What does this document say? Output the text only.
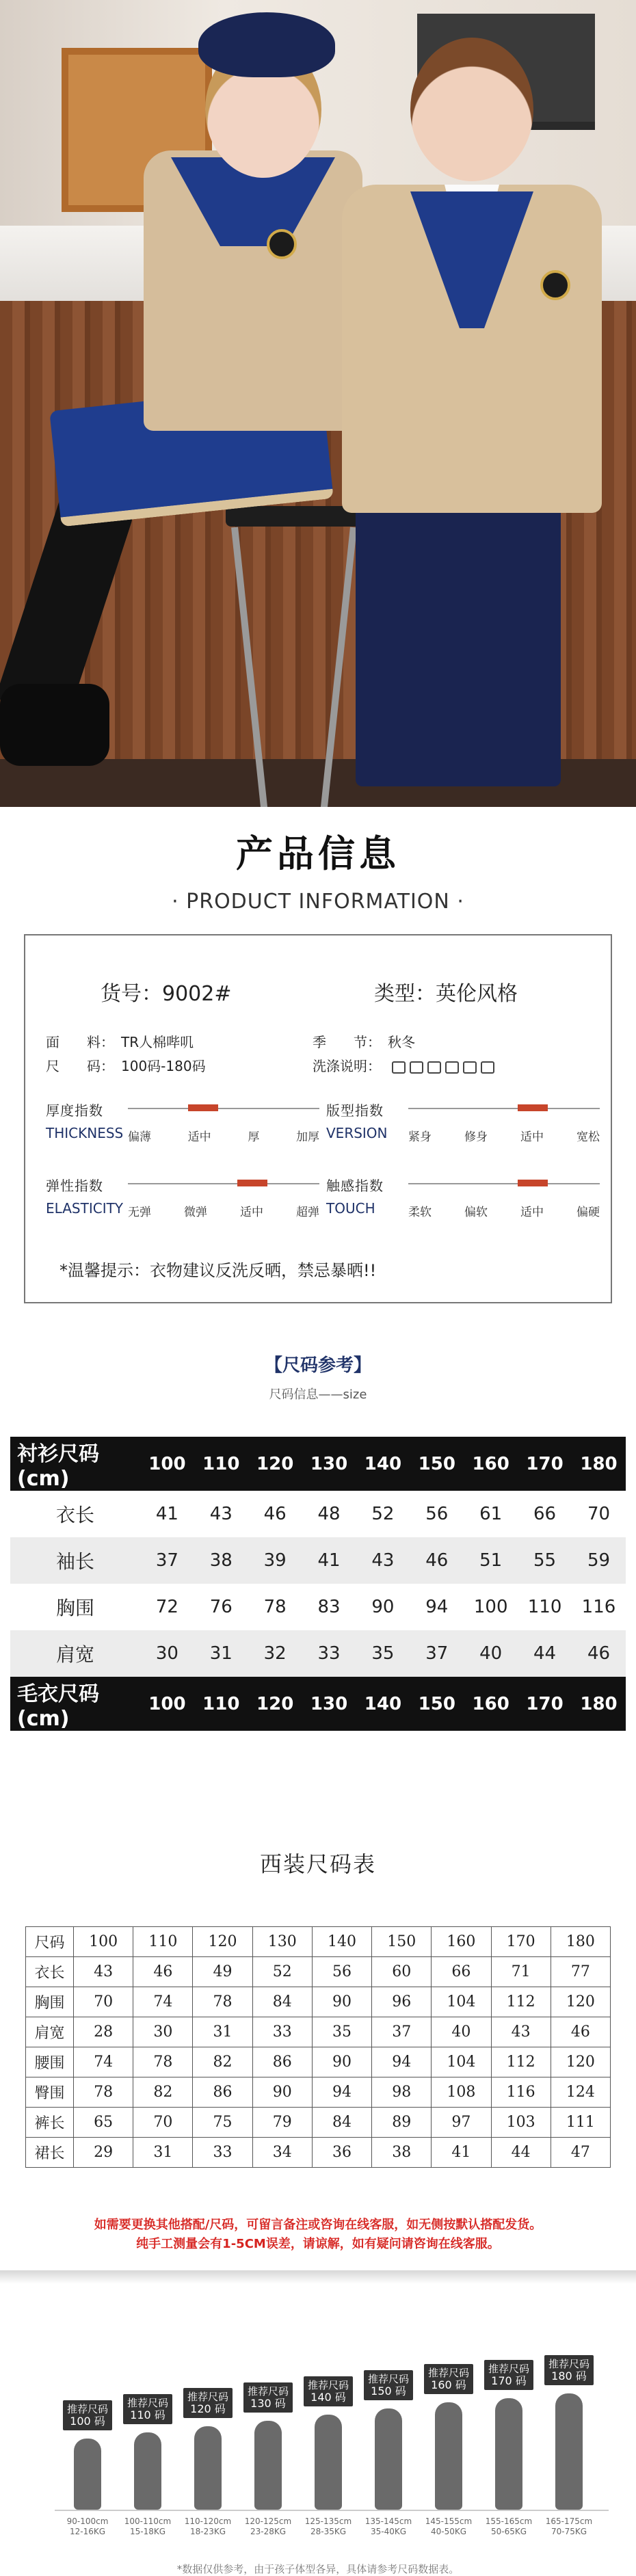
产品信息
· PRODUCT INFORMATION ·
货号：9002#	类型：英伦风格
面　　料： TR人棉哔叽
尺　　码： 100码-180码
季　　节： 秋冬
洗涤说明：
厚度指数
THICKNESS 偏薄	适中	厚	加厚
版型指数
VERSION	紧身	修身	适中	宽松
弹性指数
ELASTICITY 无弹	微弹	适中	超弹
触感指数
TOUCH	柔软	偏软	适中	偏硬
*温馨提示：衣物建议反洗反晒，禁忌暴晒!!
【尺码参考】
尺码信息——size
衬衫尺码(cm)	100	110	120	130	140	150	160	170	180
衣长	41	43	46	48	52	56	61	66	70
袖长	37	38	39	41	43	46	51	55	59
胸围	72	76	78	83	90	94	100	110	116
肩宽	30	31	32	33	35	37	40	44	46
毛衣尺码(cm)	100	110	120	130	140	150	160	170	180
西装尺码表
尺码	100	110	120	130	140	150	160	170	180
衣长	43	46	49	52	56	60	66	71	77
胸围	70	74	78	84	90	96	104	112	120
肩宽	28	30	31	33	35	37	40	43	46
腰围	74	78	82	86	90	94	104	112	120
臀围	78	82	86	90	94	98	108	116	124
裤长	65	70	75	79	84	89	97	103	111
裙长	29	31	33	34	36	38	41	44	47
如需要更换其他搭配/尺码，可留言备注或咨询在线客服，如无侧按默认搭配发货。
纯手工测量会有1-5CM误差，请谅解，如有疑问请咨询在线客服。
推荐尺码
100 码
90-100cm
12-16KG
推荐尺码
110 码
100-110cm
15-18KG
推荐尺码
120 码
110-120cm
18-23KG
推荐尺码
130 码
120-125cm
23-28KG
推荐尺码
140 码
125-135cm
28-35KG
推荐尺码
150 码
135-145cm
35-40KG
推荐尺码
160 码
145-155cm
40-50KG
推荐尺码
170 码
155-165cm
50-65KG
推荐尺码
180 码
165-175cm
70-75KG
*数据仅供参考，由于孩子体型各异，具体请参考尺码数据表。
